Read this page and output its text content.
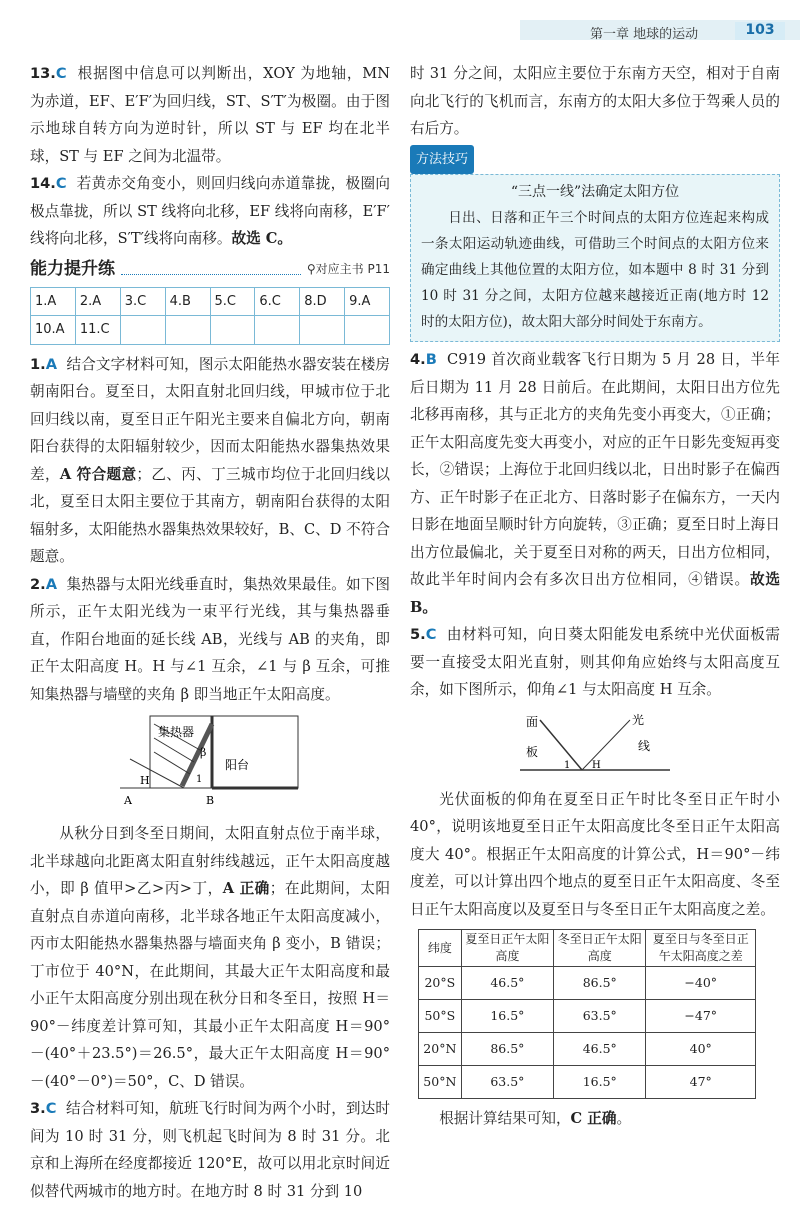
第一章 地球的运动	103

13.C 根据图中信息可以判断出，XOY 为地轴，MN 为赤道，EF、E′F′为回归线，ST、S′T′为极圈。由于图示地球自转方向为逆时针，所以 ST 与 EF 均在北半球，ST 与 EF 之间为北温带。

14.C 若黄赤交角变小，则回归线向赤道靠拢，极圈向极点靠拢，所以 ST 线将向北移，EF 线将向南移，E′F′线将向北移，S′T′线将向南移。故选 C。

能力提升练	⚲ 对应主书 P11
1.A	2.A	3.C	4.B	5.C	6.C	8.D	9.A
10.A	11.C						

1.A 结合文字材料可知，图示太阳能热水器安装在楼房朝南阳台。夏至日，太阳直射北回归线，甲城市位于北回归线以南，夏至日正午阳光主要来自偏北方向，朝南阳台获得的太阳辐射较少，因而太阳能热水器集热效果差，A 符合题意；乙、丙、丁三城市均位于北回归线以北，夏至日太阳主要位于其南方，朝南阳台获得的太阳辐射多，太阳能热水器集热效果较好，B、C、D 不符合题意。

2.A 集热器与太阳光线垂直时，集热效果最佳。如下图所示，正午太阳光线为一束平行光线，其与集热器垂直，作阳台地面的延长线 AB，光线与 AB 的夹角，即正午太阳高度 H。H 与∠1 互余，∠1 与 β 互余，可推知集热器与墙壁的夹角 β 即当地正午太阳高度。

集热器
阳台
H
A	B
β
1

从秋分日到冬至日期间，太阳直射点位于南半球，北半球越向北距离太阳直射纬线越远，正午太阳高度越小，即 β 值甲>乙>丙>丁，A 正确；在此期间，太阳直射点自赤道向南移，北半球各地正午太阳高度减小，丙市太阳能热水器集热器与墙面夹角 β 变小，B 错误；丁市位于 40°N，在此期间，其最大正午太阳高度和最小正午太阳高度分别出现在秋分日和冬至日，按照 H＝90°－纬度差计算可知，其最小正午太阳高度 H＝90°－(40°＋23.5°)＝26.5°，最大正午太阳高度 H＝90°－(40°－0°)＝50°，C、D 错误。

3.C 结合材料可知，航班飞行时间为两个小时，到达时间为 10 时 31 分，则飞机起飞时间为 8 时 31 分。北京和上海所在经度都接近 120°E，故可以用北京时间近似替代两城市的地方时。在地方时 8 时 31 分到 10

时 31 分之间，太阳应主要位于东南方天空，相对于自南向北飞行的飞机而言，东南方的太阳大多位于驾乘人员的右后方。

方法技巧
“三点一线”法确定太阳方位

日出、日落和正午三个时间点的太阳方位连起来构成一条太阳运动轨迹曲线，可借助三个时间点的太阳方位来确定曲线上其他位置的太阳方位，如本题中 8 时 31 分到 10 时 31 分之间，太阳方位越来越接近正南(地方时 12 时的太阳方位)，故太阳大部分时间处于东南方。

4.B C919 首次商业载客飞行日期为 5 月 28 日，半年后日期为 11 月 28 日前后。在此期间，太阳日出方位先北移再南移，其与正北方的夹角先变小再变大，①正确；正午太阳高度先变大再变小，对应的正午日影先变短再变长，②错误；上海位于北回归线以北，日出时影子在偏西方、正午时影子在正北方、日落时影子在偏东方，一天内日影在地面呈顺时针方向旋转，③正确；夏至日时上海日出方位最偏北，关于夏至日对称的两天，日出方位相同，故此半年时间内会有多次日出方位相同，④错误。故选 B。

5.C 由材料可知，向日葵太阳能发电系统中光伏面板需要一直接受太阳光直射，则其仰角应始终与太阳高度互余，如下图所示，仰角∠1 与太阳高度 H 互余。

面
板
光
线
1 H

光伏面板的仰角在夏至日正午时比冬至日正午时小 40°，说明该地夏至日正午太阳高度比冬至日正午太阳高度大 40°。根据正午太阳高度的计算公式，H＝90°－纬度差，可以计算出四个地点的夏至日正午太阳高度、冬至日正午太阳高度以及夏至日与冬至日正午太阳高度之差。

纬度	夏至日正午太阳高度	冬至日正午太阳高度	夏至日与冬至日正午太阳高度之差
20°S	46.5°	86.5°	−40°
50°S	16.5°	63.5°	−47°
20°N	86.5°	46.5°	40°
50°N	63.5°	16.5°	47°

根据计算结果可知，C 正确。
